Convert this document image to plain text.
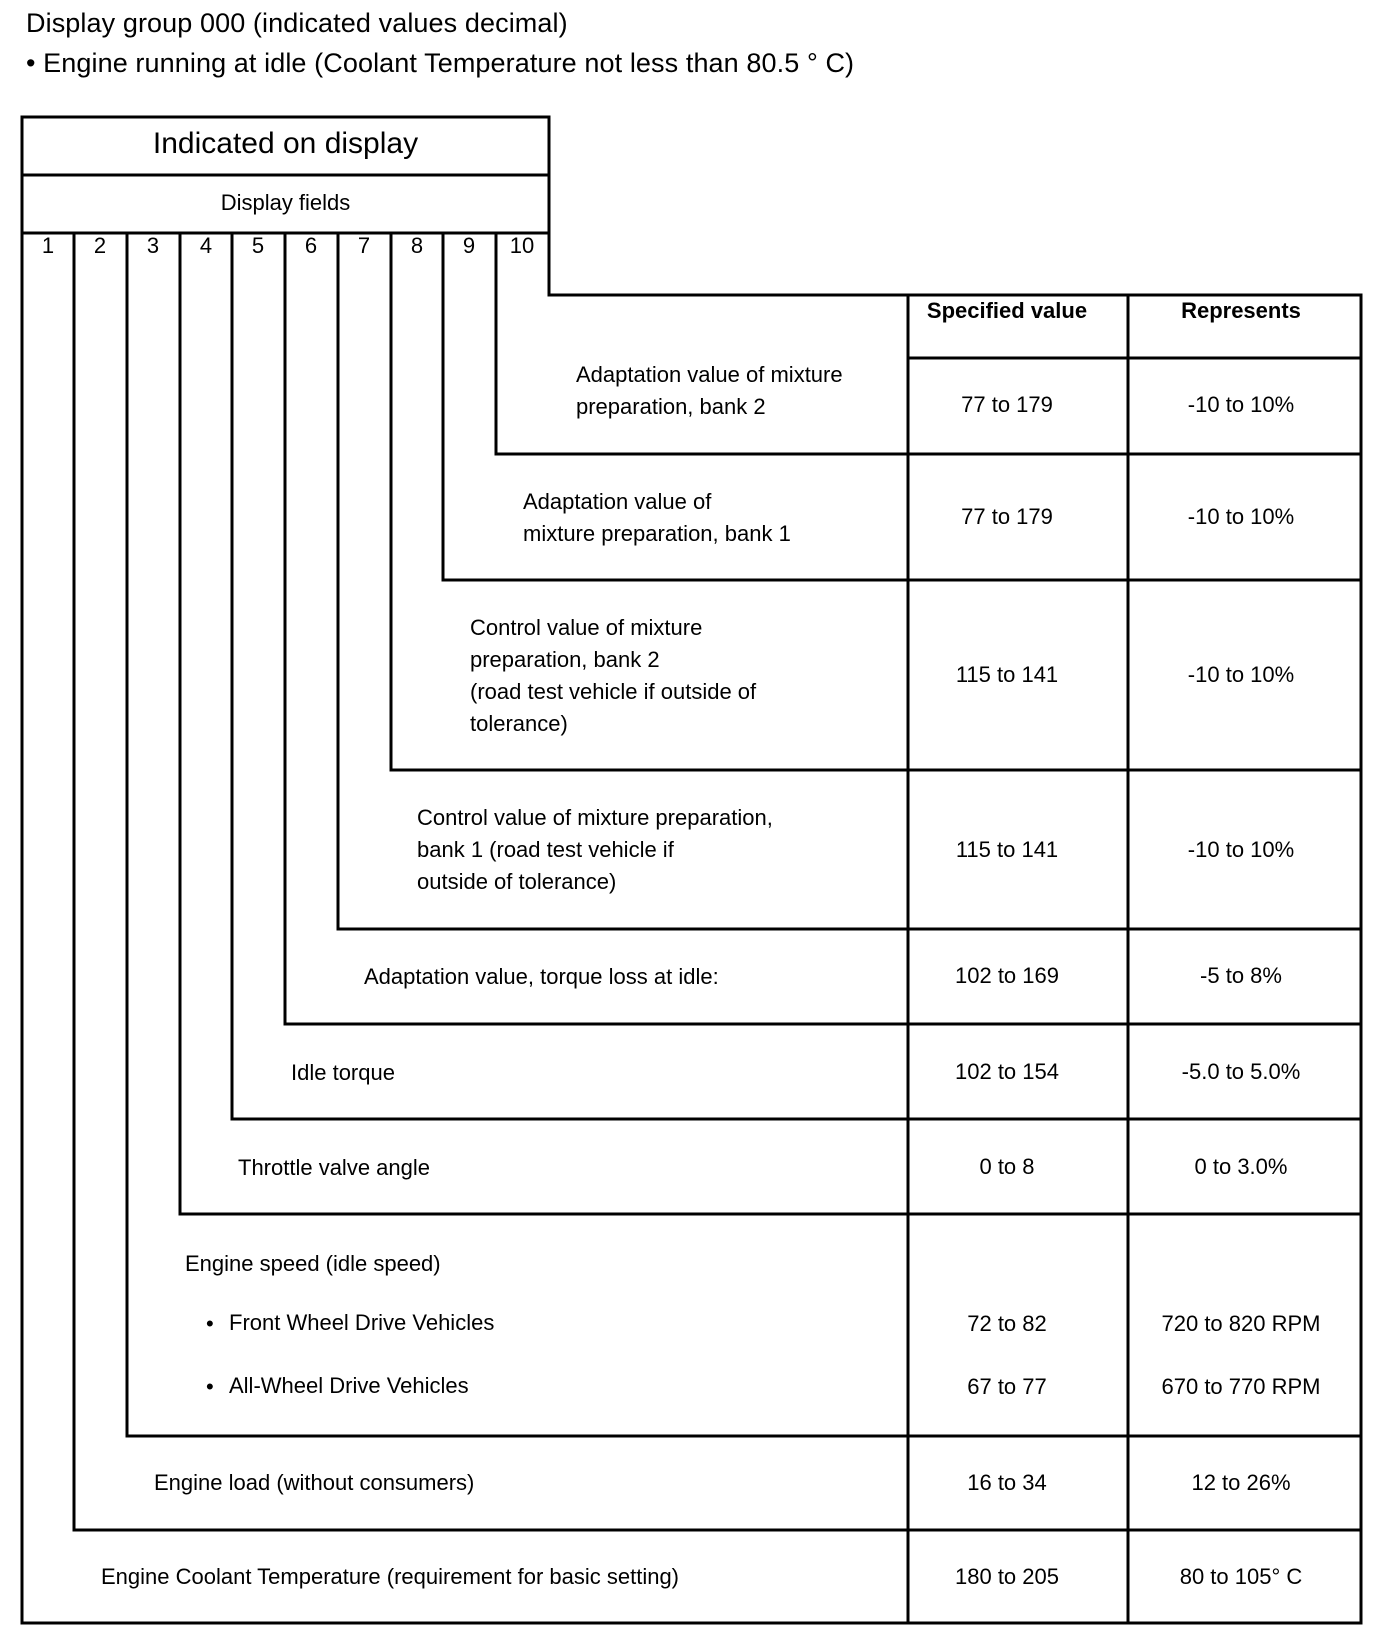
Display group 000 (indicated values decimal)
• Engine running at idle (Coolant Temperature not less than 80.5 ° C)
Indicated on display
Display fields
1	2	3	4	5	6	7	8	9	10
Specified value	Represents
Adaptation value of mixture
preparation, bank 2	77 to 179	-10 to 10%
Adaptation value of
mixture preparation, bank 1
77 to 179	-10 to 10%
Control value of mixture
preparation, bank 2
(road test vehicle if outside of
tolerance)
115 to 141	-10 to 10%
Control value of mixture preparation,
bank 1 (road test vehicle if
outside of tolerance)
115 to 141	-10 to 10%
Adaptation value, torque loss at idle:	102 to 169	-5 to 8%
Idle torque	102 to 154	-5.0 to 5.0%
Throttle valve angle	0 to 8	0 to 3.0%
Engine speed (idle speed)
• Front Wheel Drive Vehicles	72 to 82	720 to 820 RPM
• All-Wheel Drive Vehicles	67 to 77	670 to 770 RPM
Engine load (without consumers)	16 to 34	12 to 26%
Engine Coolant Temperature (requirement for basic setting)	180 to 205	80 to 105° C
